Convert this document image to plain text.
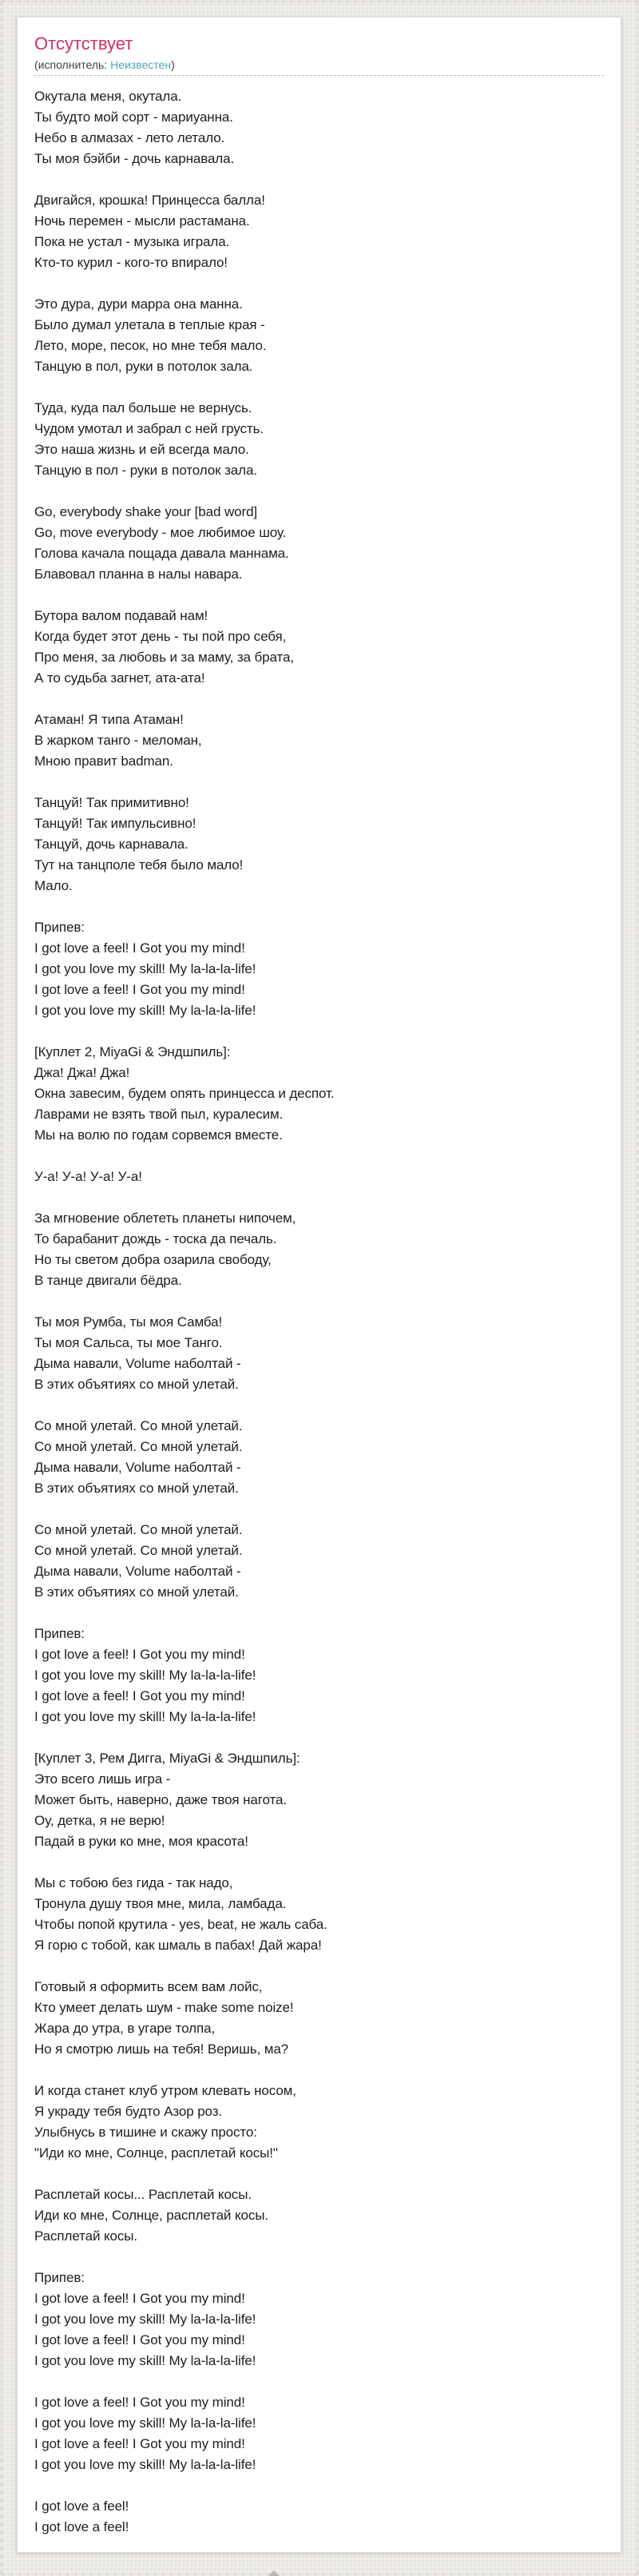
Отсутствует
(исполнитель: Неизвестен)

Окутала меня, окутала.
Ты будто мой сорт - мариуанна.
Небо в алмазах - лето летало.
Ты моя бэйби - дочь карнавала.

Двигайся, крошка! Принцесса балла!
Ночь перемен - мысли растамана.
Пока не устал - музыка играла.
Кто-то курил - кого-то впирало!

Это дура, дури марра она манна.
Было думал улетала в теплые края -
Лето, море, песок, но мне тебя мало.
Танцую в пол, руки в потолок зала.

Туда, куда пал больше не вернусь.
Чудом умотал и забрал с ней грусть.
Это наша жизнь и ей всегда мало.
Танцую в пол - руки в потолок зала.

Go, everybody shake your [bad word]
Go, move everybody - мое любимое шоу.
Голова качала пощада давала маннама.
Блавовал планна в налы навара.

Бутора валом подавай нам!
Когда будет этот день - ты пой про себя,
Про меня, за любовь и за маму, за брата,
А то судьба загнет, ата-ата!

Атаман! Я типа Атаман!
В жарком танго - меломан,
Мною правит badman.

Танцуй! Так примитивно!
Танцуй! Так импульсивно!
Танцуй, дочь карнавала.
Тут на танцполе тебя было мало!
Мало.

Припев:
I got love a feel! I Got you my mind!
I got you love my skill! My la-la-la-life!
I got love a feel! I Got you my mind!
I got you love my skill! My la-la-la-life!

[Куплет 2, MiyaGi & Эндшпиль]:
Джа! Джа! Джа!
Окна завесим, будем опять принцесса и деспот.
Лаврами не взять твой пыл, куралесим.
Мы на волю по годам сорвемся вместе.

У-а! У-а! У-а! У-а!

За мгновение облететь планеты нипочем,
То барабанит дождь - тоска да печаль.
Но ты светом добра озарила свободу,
В танце двигали бёдра.

Ты моя Румба, ты моя Самба!
Ты моя Сальса, ты мое Танго.
Дыма навали, Volume наболтай -
В этих объятиях со мной улетай.

Со мной улетай. Со мной улетай.
Со мной улетай. Со мной улетай.
Дыма навали, Volume наболтай -
В этих объятиях со мной улетай.

Со мной улетай. Со мной улетай.
Со мной улетай. Со мной улетай.
Дыма навали, Volume наболтай -
В этих объятиях со мной улетай.

Припев:
I got love a feel! I Got you my mind!
I got you love my skill! My la-la-la-life!
I got love a feel! I Got you my mind!
I got you love my skill! My la-la-la-life!

[Куплет 3, Рем Дигга, MiyaGi & Эндшпиль]:
Это всего лишь игра -
Может быть, наверно, даже твоя нагота.
Оу, детка, я не верю!
Падай в руки ко мне, моя красота!

Мы с тобою без гида - так надо,
Тронула душу твоя мне, мила, ламбада.
Чтобы попой крутила - yes, beat, не жаль саба.
Я горю с тобой, как шмаль в пабах! Дай жара!

Готовый я оформить всем вам лойс,
Кто умеет делать шум - make some noize!
Жара до утра, в угаре толпа,
Но я смотрю лишь на тебя! Веришь, ма?

И когда станет клуб утром клевать носом,
Я украду тебя будто Азор роз.
Улыбнусь в тишине и скажу просто:
"Иди ко мне, Солнце, расплетай косы!"

Расплетай косы... Расплетай косы.
Иди ко мне, Солнце, расплетай косы.
Расплетай косы.

Припев:
I got love a feel! I Got you my mind!
I got you love my skill! My la-la-la-life!
I got love a feel! I Got you my mind!
I got you love my skill! My la-la-la-life!

I got love a feel! I Got you my mind!
I got you love my skill! My la-la-la-life!
I got love a feel! I Got you my mind!
I got you love my skill! My la-la-la-life!

I got love a feel!
I got love a feel!
